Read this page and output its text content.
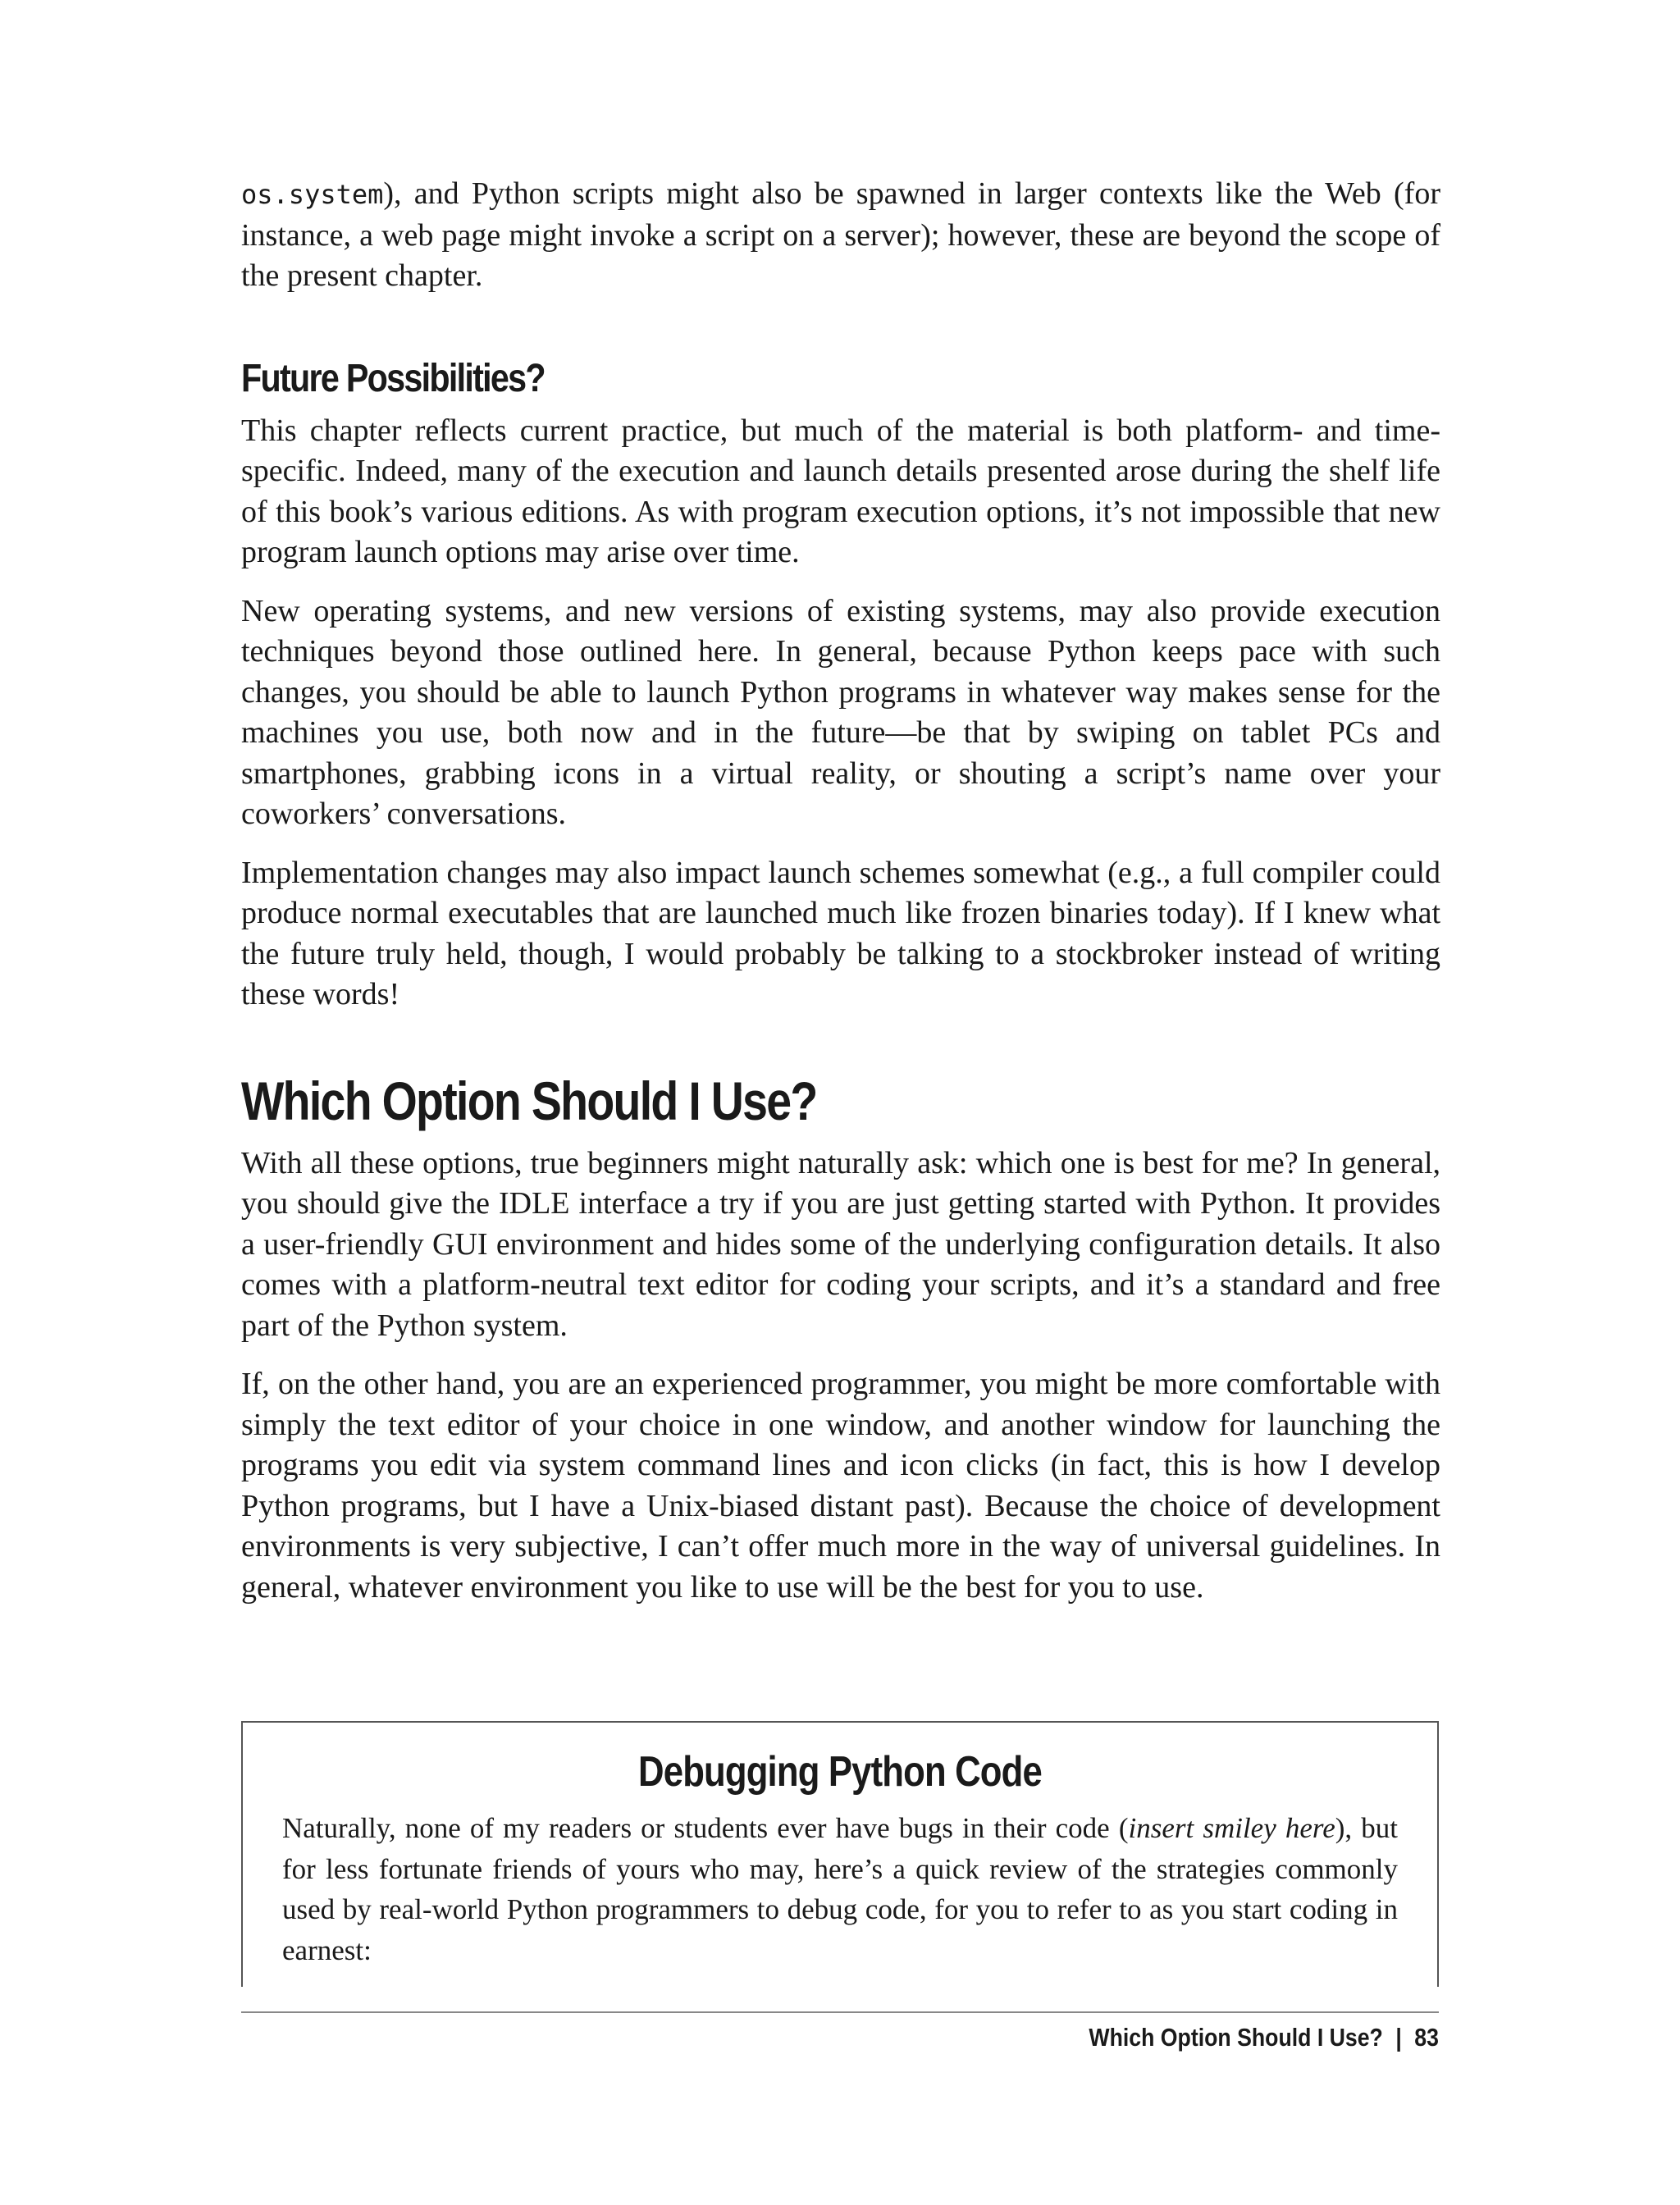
os.system), and Python scripts might also be spawned in larger contexts like the Web (for instance, a web page might invoke a script on a server); however, these are beyond the scope of the present chapter.

Future Possibilities?

This chapter reflects current practice, but much of the material is both platform- and time-specific. Indeed, many of the execution and launch details presented arose during the shelf life of this book’s various editions. As with program execution options, it’s not impossible that new program launch options may arise over time.

New operating systems, and new versions of existing systems, may also provide execution techniques beyond those outlined here. In general, because Python keeps pace with such changes, you should be able to launch Python programs in whatever way makes sense for the machines you use, both now and in the future—be that by swiping on tablet PCs and smartphones, grabbing icons in a virtual reality, or shouting a script’s name over your coworkers’ conversations.

Implementation changes may also impact launch schemes somewhat (e.g., a full compiler could produce normal executables that are launched much like frozen binaries today). If I knew what the future truly held, though, I would probably be talking to a stockbroker instead of writing these words!

Which Option Should I Use?

With all these options, true beginners might naturally ask: which one is best for me? In general, you should give the IDLE interface a try if you are just getting started with Python. It provides a user-friendly GUI environment and hides some of the underlying configuration details. It also comes with a platform-neutral text editor for coding your scripts, and it’s a standard and free part of the Python system.

If, on the other hand, you are an experienced programmer, you might be more comfortable with simply the text editor of your choice in one window, and another window for launching the programs you edit via system command lines and icon clicks (in fact, this is how I develop Python programs, but I have a Unix-biased distant past). Because the choice of development environments is very subjective, I can’t offer much more in the way of universal guidelines. In general, whatever environment you like to use will be the best for you to use.

Debugging Python Code

Naturally, none of my readers or students ever have bugs in their code (insert smiley here), but for less fortunate friends of yours who may, here’s a quick review of the strategies commonly used by real-world Python programmers to debug code, for you to refer to as you start coding in earnest:

Which Option Should I Use? | 83
